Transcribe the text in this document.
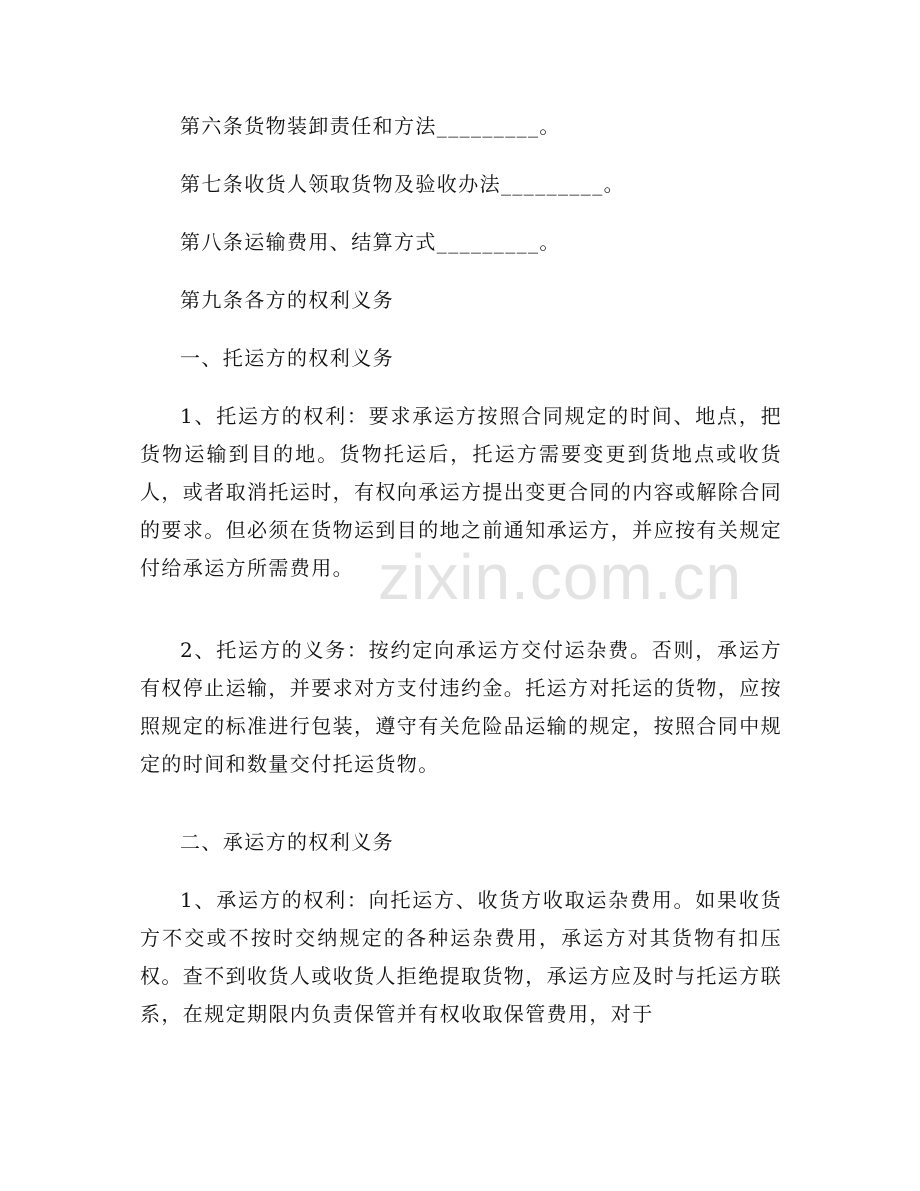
zixin.com.cn

第六条货物装卸责任和方法_________。

第七条收货人领取货物及验收办法_________。

第八条运输费用、结算方式_________。

第九条各方的权利义务

一、托运方的权利义务

1、托运方的权利：要求承运方按照合同规定的时间、地点，把货物运输到目的地。货物托运后，托运方需要变更到货地点或收货人，或者取消托运时，有权向承运方提出变更合同的内容或解除合同的要求。但必须在货物运到目的地之前通知承运方，并应按有关规定付给承运方所需费用。

2、托运方的义务：按约定向承运方交付运杂费。否则，承运方有权停止运输，并要求对方支付违约金。托运方对托运的货物，应按照规定的标准进行包装，遵守有关危险品运输的规定，按照合同中规定的时间和数量交付托运货物。

二、承运方的权利义务

1、承运方的权利：向托运方、收货方收取运杂费用。如果收货方不交或不按时交纳规定的各种运杂费用，承运方对其货物有扣压权。查不到收货人或收货人拒绝提取货物，承运方应及时与托运方联系，在规定期限内负责保管并有权收取保管费用，对于
